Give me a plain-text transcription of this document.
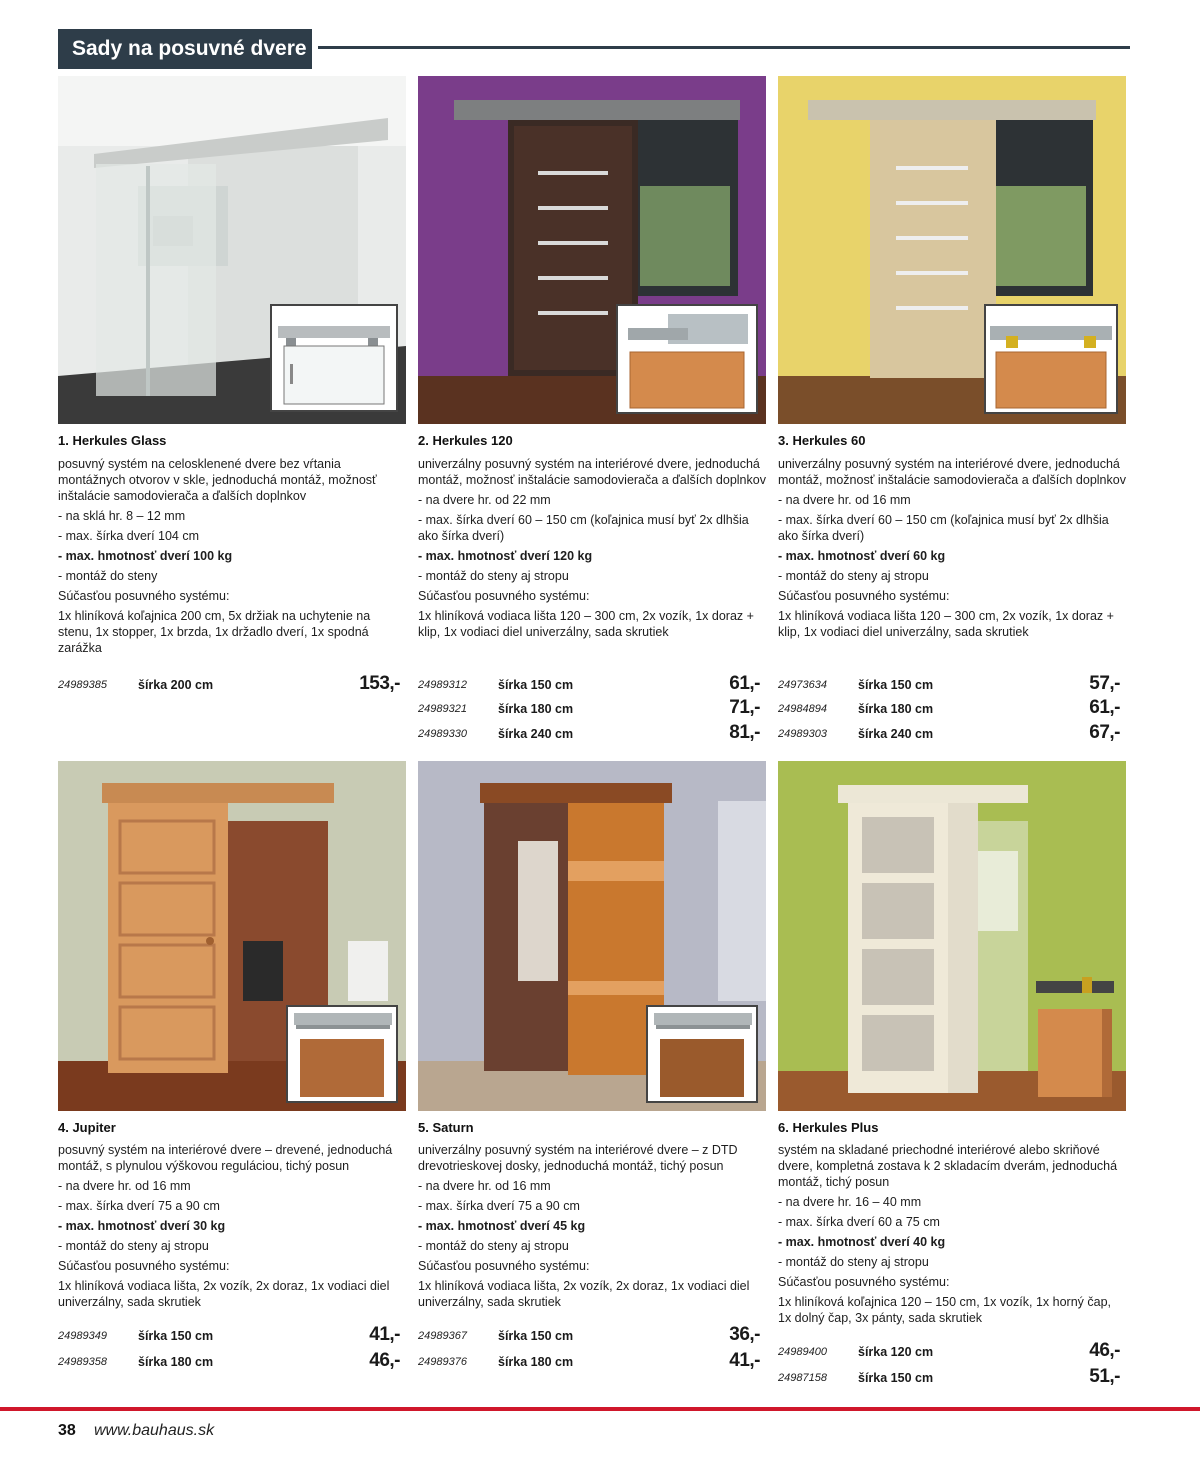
Sady na posuvné dvere
1. Herkules Glass
posuvný systém na celosklenené dvere bez vŕtania montážnych otvorov v skle, jednoduchá montáž, možnosť inštalácie samodovierača a ďalších doplnkov
- na sklá hr. 8 – 12 mm
- max. šírka dverí 104 cm
- max. hmotnosť dverí 100 kg
- montáž do steny
Súčasťou posuvného systému:
1x hliníková koľajnica 200 cm, 5x držiak na uchytenie na stenu, 1x stopper, 1x brzda, 1x držadlo dverí, 1x spodná zarážka
24989385 šírka 200 cm	153,-
2. Herkules 120
univerzálny posuvný systém na interiérové dvere, jednoduchá montáž, možnosť inštalácie samodovierača a ďalších doplnkov
- na dvere hr. od 22 mm
- max. šírka dverí 60 – 150 cm (koľajnica musí byť 2x dlhšia ako šírka dverí)
- max. hmotnosť dverí 120 kg
- montáž do steny aj stropu
Súčasťou posuvného systému:
1x hliníková vodiaca lišta 120 – 300 cm, 2x vozík, 1x doraz + klip, 1x vodiaci diel univerzálny, sada skrutiek
24989312 šírka 150 cm	61,-
24989321 šírka 180 cm	71,-
24989330 šírka 240 cm	81,-
3. Herkules 60
univerzálny posuvný systém na interiérové dvere, jednoduchá montáž, možnosť inštalácie samodovierača a ďalších doplnkov
- na dvere hr. od 16 mm
- max. šírka dverí 60 – 150 cm (koľajnica musí byť 2x dlhšia ako šírka dverí)
- max. hmotnosť dverí 60 kg
- montáž do steny aj stropu
Súčasťou posuvného systému:
1x hliníková vodiaca lišta 120 – 300 cm, 2x vozík, 1x doraz + klip, 1x vodiaci diel univerzálny, sada skrutiek
24973634 šírka 150 cm	57,-
24984894 šírka 180 cm	61,-
24989303 šírka 240 cm	67,-
4. Jupiter
posuvný systém na interiérové dvere – drevené, jednoduchá montáž, s plynulou výškovou reguláciou, tichý posun
- na dvere hr. od 16 mm
- max. šírka dverí 75 a 90 cm
- max. hmotnosť dverí 30 kg
- montáž do steny aj stropu
Súčasťou posuvného systému:
1x hliníková vodiaca lišta, 2x vozík, 2x doraz, 1x vodiaci diel univerzálny, sada skrutiek
24989349 šírka 150 cm	41,-
24989358 šírka 180 cm	46,-
5. Saturn
univerzálny posuvný systém na interiérové dvere – z DTD drevotrieskovej dosky, jednoduchá montáž, tichý posun
- na dvere hr. od 16 mm
- max. šírka dverí 75 a 90 cm
- max. hmotnosť dverí 45 kg
- montáž do steny aj stropu
Súčasťou posuvného systému:
1x hliníková vodiaca lišta, 2x vozík, 2x doraz, 1x vodiaci diel univerzálny, sada skrutiek
24989367 šírka 150 cm	36,-
24989376 šírka 180 cm	41,-
6. Herkules Plus
systém na skladané priechodné interiérové alebo skriňové dvere, kompletná zostava k 2 skladacím dverám, jednoduchá montáž, tichý posun
- na dvere hr. 16 – 40 mm
- max. šírka dverí 60 a 75 cm
- max. hmotnosť dverí 40 kg
- montáž do steny aj stropu
Súčasťou posuvného systému:
1x hliníková koľajnica 120 – 150 cm, 1x vozík, 1x horný čap, 1x dolný čap, 3x pánty, sada skrutiek
24989400 šírka 120 cm	46,-
24987158 šírka 150 cm	51,-
38 www.bauhaus.sk
